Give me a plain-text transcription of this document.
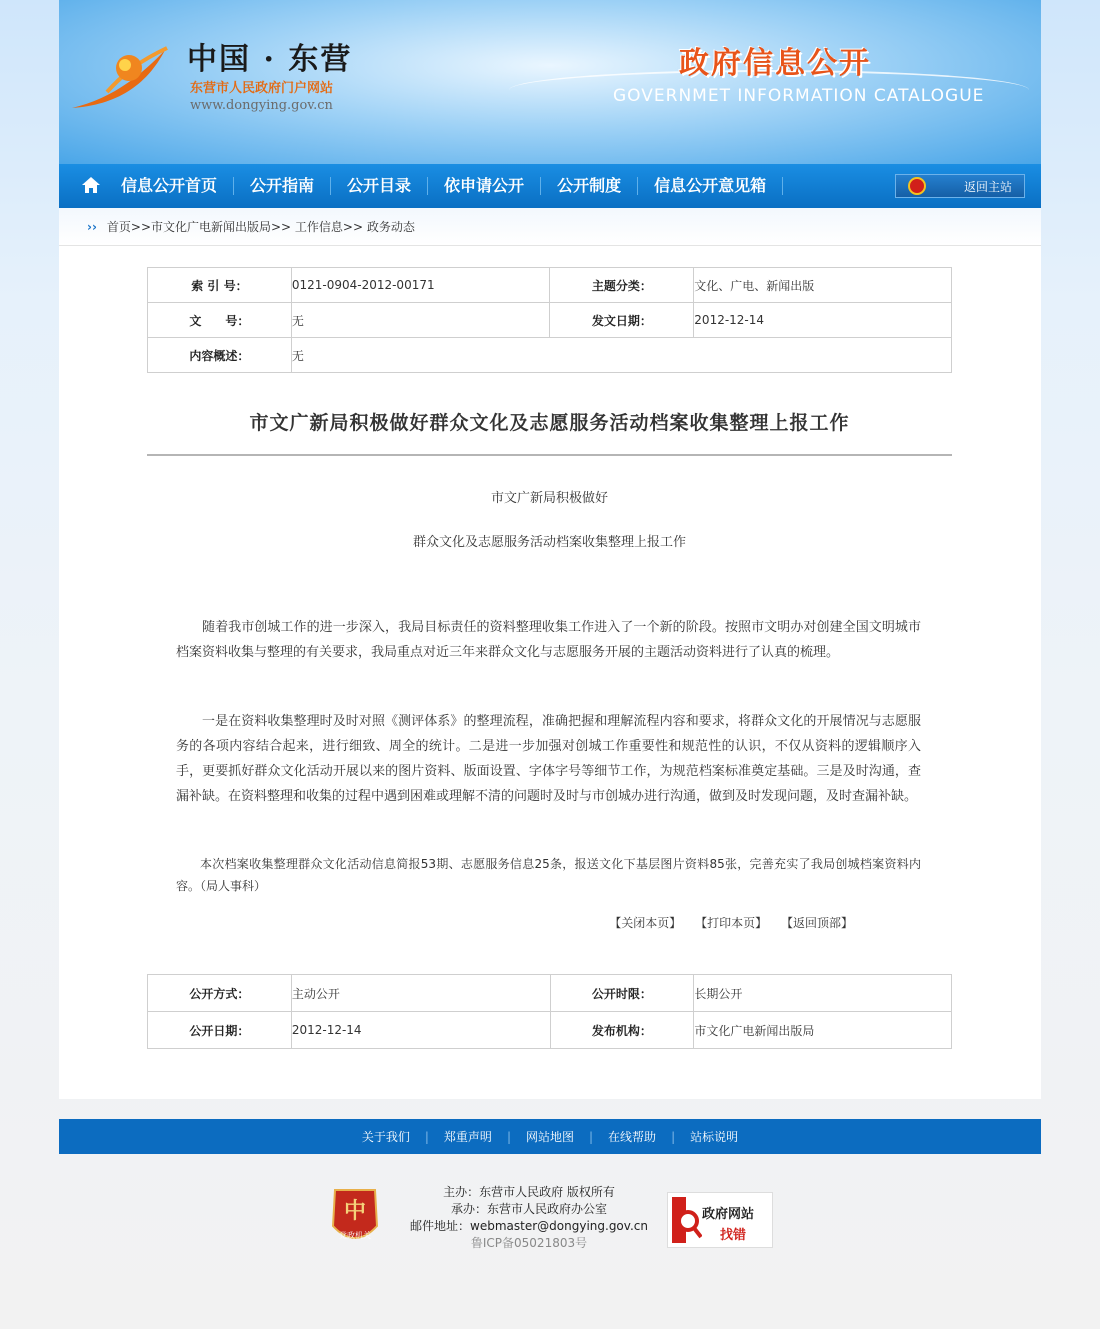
中国 · 东营
东营市人民政府门户网站
www.dongying.gov.cn
政府信息公开
GOVERNMET INFORMATION CATALOGUE
信息公开首页	公开指南	公开目录	依申请公开	公开制度	信息公开意见箱	返回主站
›› 首页>>市文化广电新闻出版局>> 工作信息>> 政务动态
索 引 号：	0121-0904-2012-00171	主题分类：	文化、广电、新闻出版
文　　号：	无	发文日期：	2012-12-14
内容概述：	无		
市文广新局积极做好群众文化及志愿服务活动档案收集整理上报工作
市文广新局积极做好
群众文化及志愿服务活动档案收集整理上报工作

随着我市创城工作的进一步深入，我局目标责任的资料整理收集工作进入了一个新的阶段。按照市文明办对创建全国文明城市档案资料收集与整理的有关要求，我局重点对近三年来群众文化与志愿服务开展的主题活动资料进行了认真的梳理。

一是在资料收集整理时及时对照《测评体系》的整理流程，准确把握和理解流程内容和要求，将群众文化的开展情况与志愿服务的各项内容结合起来，进行细致、周全的统计。二是进一步加强对创城工作重要性和规范性的认识，不仅从资料的逻辑顺序入手，更要抓好群众文化活动开展以来的图片资料、版面设置、字体字号等细节工作，为规范档案标准奠定基础。三是及时沟通，查漏补缺。在资料整理和收集的过程中遇到困难或理解不清的问题时及时与市创城办进行沟通，做到及时发现问题，及时查漏补缺。

本次档案收集整理群众文化活动信息简报53期、志愿服务信息25条，报送文化下基层图片资料85张，完善充实了我局创城档案资料内容。（局人事科）

【关闭本页】 【打印本页】 【返回顶部】
公开方式：	主动公开	公开时限：	长期公开
公开日期：	2012-12-14	发布机构：	市文化广电新闻出版局
关于我们	|	郑重声明	|	网站地图	|	在线帮助	|	站标说明
中
党政机关
主办：东营市人民政府 版权所有
承办：东营市人民政府办公室
邮件地址：webmaster@dongying.gov.cn
鲁ICP备05021803号
政府网站
找错
